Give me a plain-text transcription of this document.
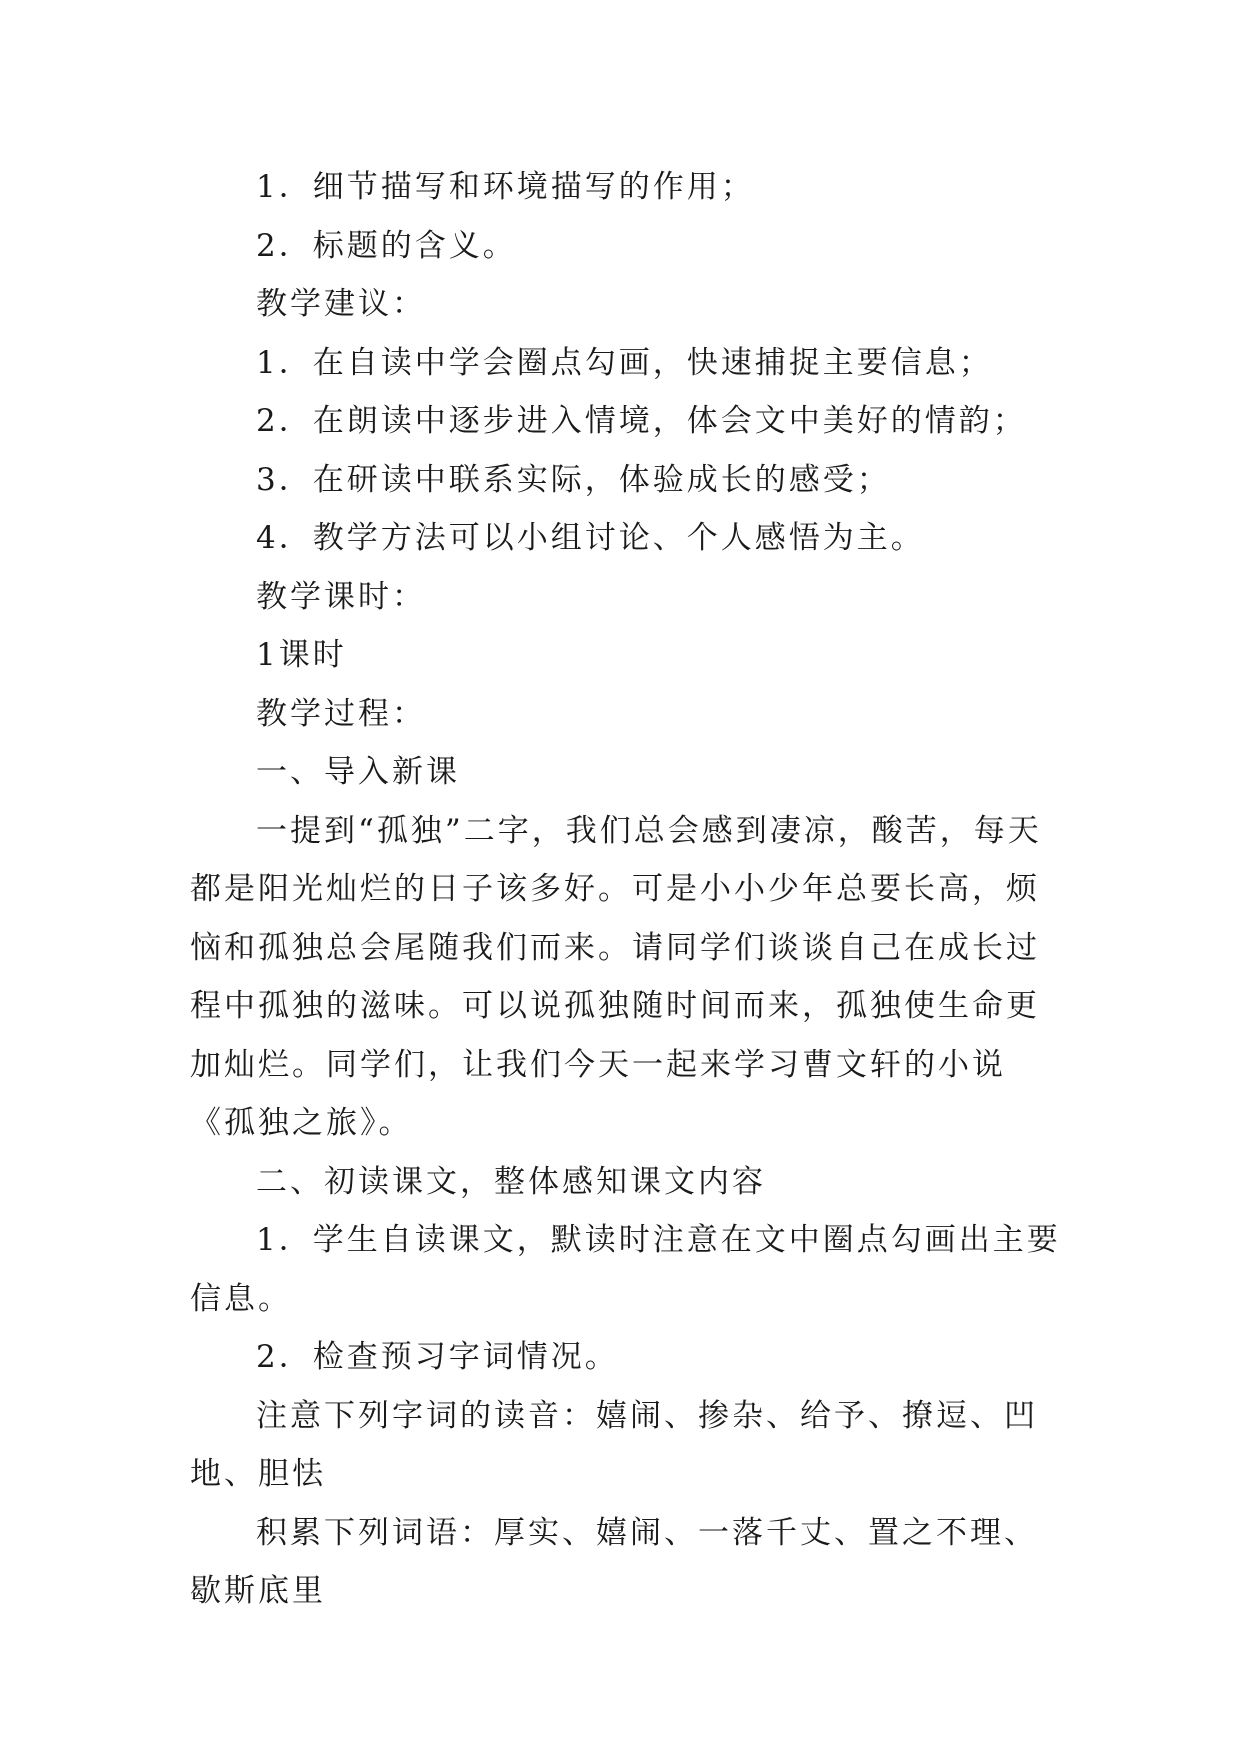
1．细节描写和环境描写的作用；

2．标题的含义。

教学建议：

1．在自读中学会圈点勾画，快速捕捉主要信息；

2．在朗读中逐步进入情境，体会文中美好的情韵；

3．在研读中联系实际，体验成长的感受；

4．教学方法可以小组讨论、个人感悟为主。

教学课时：

1课时

教学过程：

一、导入新课

一提到“孤独”二字，我们总会感到凄凉，酸苦，每天都是阳光灿烂的日子该多好。可是小小少年总要长高，烦恼和孤独总会尾随我们而来。请同学们谈谈自己在成长过程中孤独的滋味。可以说孤独随时间而来，孤独使生命更加灿烂。同学们，让我们今天一起来学习曹文轩的小说《孤独之旅》。

二、初读课文，整体感知课文内容

1．学生自读课文，默读时注意在文中圈点勾画出主要信息。

2．检查预习字词情况。

注意下列字词的读音：嬉闹、掺杂、给予、撩逗、凹地、胆怯

积累下列词语：厚实、嬉闹、一落千丈、置之不理、歇斯底里
